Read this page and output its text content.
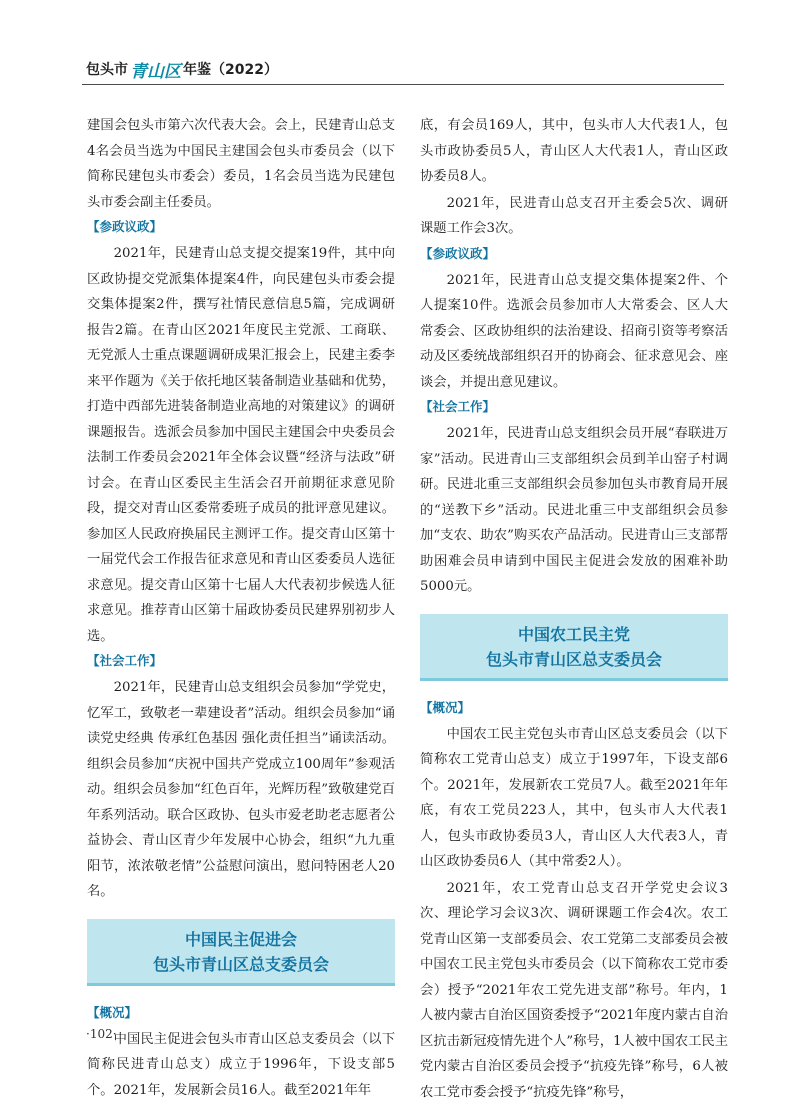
包头市 青山区 年鉴（2022）

建国会包头市第六次代表大会。会上，民建青山总支4名会员当选为中国民主建国会包头市委员会（以下简称民建包头市委会）委员，1名会员当选为民建包头市委会副主任委员。

【参政议政】

2021年，民建青山总支提交提案19件，其中向区政协提交党派集体提案4件，向民建包头市委会提交集体提案2件，撰写社情民意信息5篇，完成调研报告2篇。在青山区2021年度民主党派、工商联、无党派人士重点课题调研成果汇报会上，民建主委李来平作题为《关于依托地区装备制造业基础和优势，打造中西部先进装备制造业高地的对策建议》的调研课题报告。选派会员参加中国民主建国会中央委员会法制工作委员会2021年全体会议暨“经济与法政”研讨会。在青山区委民主生活会召开前期征求意见阶段，提交对青山区委常委班子成员的批评意见建议。参加区人民政府换届民主测评工作。提交青山区第十一届党代会工作报告征求意见和青山区委委员人选征求意见。提交青山区第十七届人大代表初步候选人征求意见。推荐青山区第十届政协委员民建界别初步人选。

【社会工作】

2021年，民建青山总支组织会员参加“学党史，忆军工，致敬老一辈建设者”活动。组织会员参加“诵读党史经典 传承红色基因 强化责任担当”诵读活动。组织会员参加“庆祝中国共产党成立100周年”参观活动。组织会员参加“红色百年，光辉历程”致敬建党百年系列活动。联合区政协、包头市爱老助老志愿者公益协会、青山区青少年发展中心协会，组织“九九重阳节，浓浓敬老情”公益慰问演出，慰问特困老人20名。

中国民主促进会
包头市青山区总支委员会
【概况】

中国民主促进会包头市青山区总支委员会（以下简称民进青山总支）成立于1996年，下设支部5个。2021年，发展新会员16人。截至2021年年

底，有会员169人，其中，包头市人大代表1人，包头市政协委员5人，青山区人大代表1人，青山区政协委员8人。

2021年，民进青山总支召开主委会5次、调研课题工作会3次。

【参政议政】

2021年，民进青山总支提交集体提案2件、个人提案10件。选派会员参加市人大常委会、区人大常委会、区政协组织的法治建设、招商引资等考察活动及区委统战部组织召开的协商会、征求意见会、座谈会，并提出意见建议。

【社会工作】

2021年，民进青山总支组织会员开展“春联进万家”活动。民进青山三支部组织会员到羊山窑子村调研。民进北重三支部组织会员参加包头市教育局开展的“送教下乡”活动。民进北重三中支部组织会员参加“支农、助农”购买农产品活动。民进青山三支部帮助困难会员申请到中国民主促进会发放的困难补助5000元。

中国农工民主党
包头市青山区总支委员会
【概况】

中国农工民主党包头市青山区总支委员会（以下简称农工党青山总支）成立于1997年，下设支部6个。2021年，发展新农工党员7人。截至2021年年底，有农工党员223人，其中，包头市人大代表1人，包头市政协委员3人，青山区人大代表3人，青山区政协委员6人（其中常委2人）。

2021年，农工党青山总支召开学党史会议3次、理论学习会议3次、调研课题工作会4次。农工党青山区第一支部委员会、农工党第二支部委员会被中国农工民主党包头市委员会（以下简称农工党市委会）授予“2021年农工党先进支部”称号。年内，1人被内蒙古自治区国资委授予“2021年度内蒙古自治区抗击新冠疫情先进个人”称号，1人被中国农工民主党内蒙古自治区委员会授予“抗疫先锋”称号，6人被农工党市委会授予“抗疫先锋”称号，

·102·
